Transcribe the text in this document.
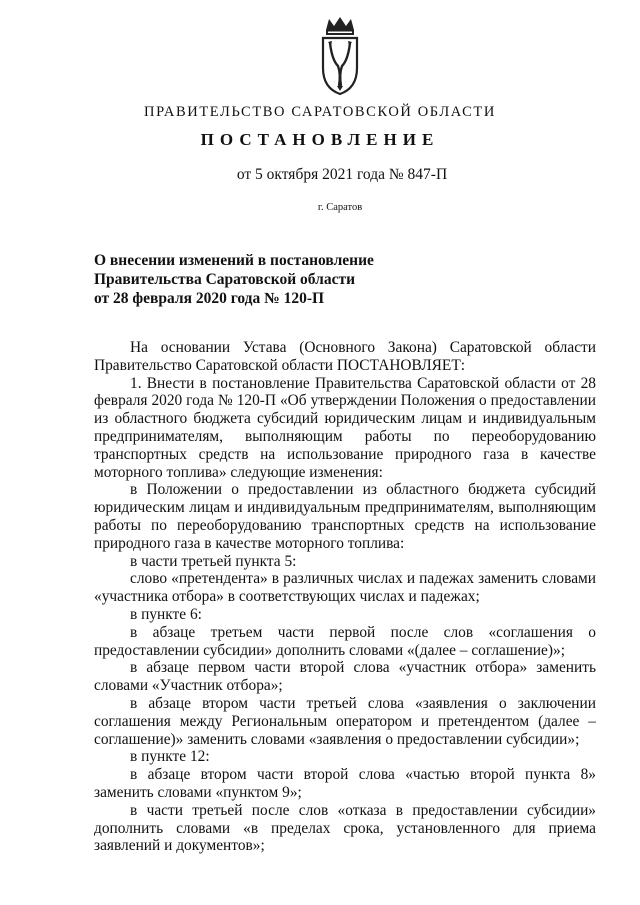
ПРАВИТЕЛЬСТВО САРАТОВСКОЙ ОБЛАСТИ
ПОСТАНОВЛЕНИЕ
от 5 октября 2021 года № 847-П
г. Саратов
О внесении изменений в постановление
Правительства Саратовской области
от 28 февраля 2020 года № 120-П

На основании Устава (Основного Закона) Саратовской области Правительство Саратовской области ПОСТАНОВЛЯЕТ:

1. Внести в постановление Правительства Саратовской области от 28 февраля 2020 года № 120-П «Об утверждении Положения о предоставлении из областного бюджета субсидий юридическим лицам и индивидуальным предпринимателям, выполняющим работы по переоборудованию транспортных средств на использование природного газа в качестве моторного топлива» следующие изменения:

в Положении о предоставлении из областного бюджета субсидий юридическим лицам и индивидуальным предпринимателям, выполняющим работы по переоборудованию транспортных средств на использование природного газа в качестве моторного топлива:

в части третьей пункта 5:

слово «претендента» в различных числах и падежах заменить словами «участника отбора» в соответствующих числах и падежах;

в пункте 6:

в абзаце третьем части первой после слов «соглашения о предоставлении субсидии» дополнить словами «(далее – соглашение)»;

в абзаце первом части второй слова «участник отбора» заменить словами «Участник отбора»;

в абзаце втором части третьей слова «заявления о заключении соглашения между Региональным оператором и претендентом (далее – соглашение)» заменить словами «заявления о предоставлении субсидии»;

в пункте 12:

в абзаце втором части второй слова «частью второй пункта 8» заменить словами «пунктом 9»;

в части третьей после слов «отказа в предоставлении субсидии» дополнить словами «в пределах срока, установленного для приема заявлений и документов»;
